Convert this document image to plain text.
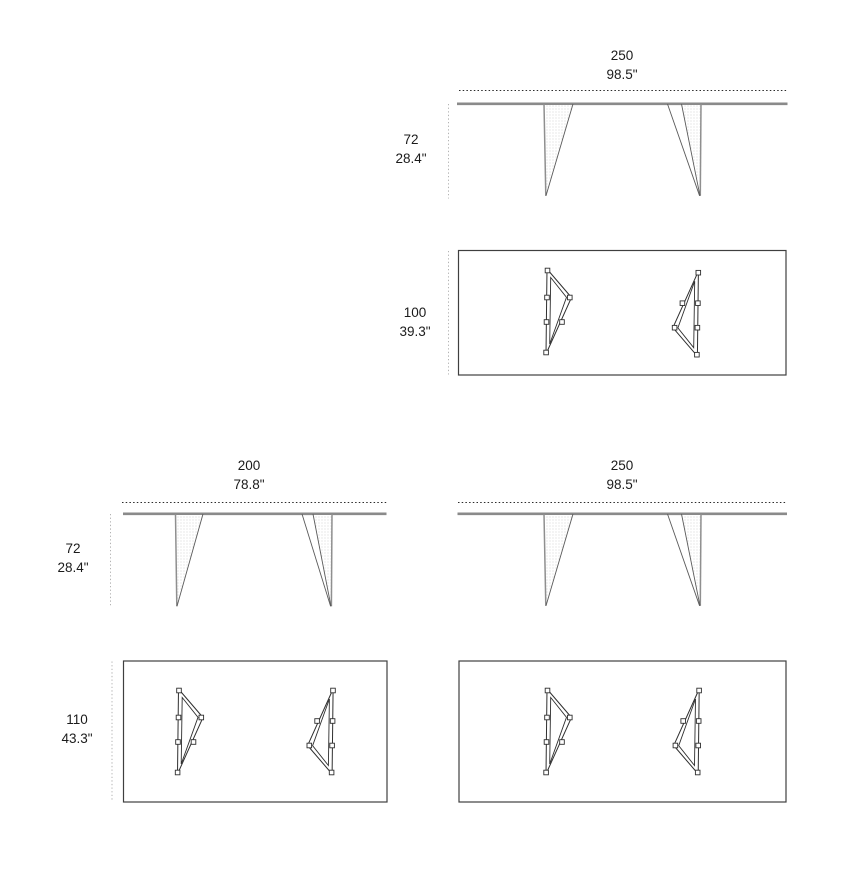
250
98.5"
72
28.4"
100
39.3"
200
78.8"
250
98.5"
72
28.4"
110
43.3"
